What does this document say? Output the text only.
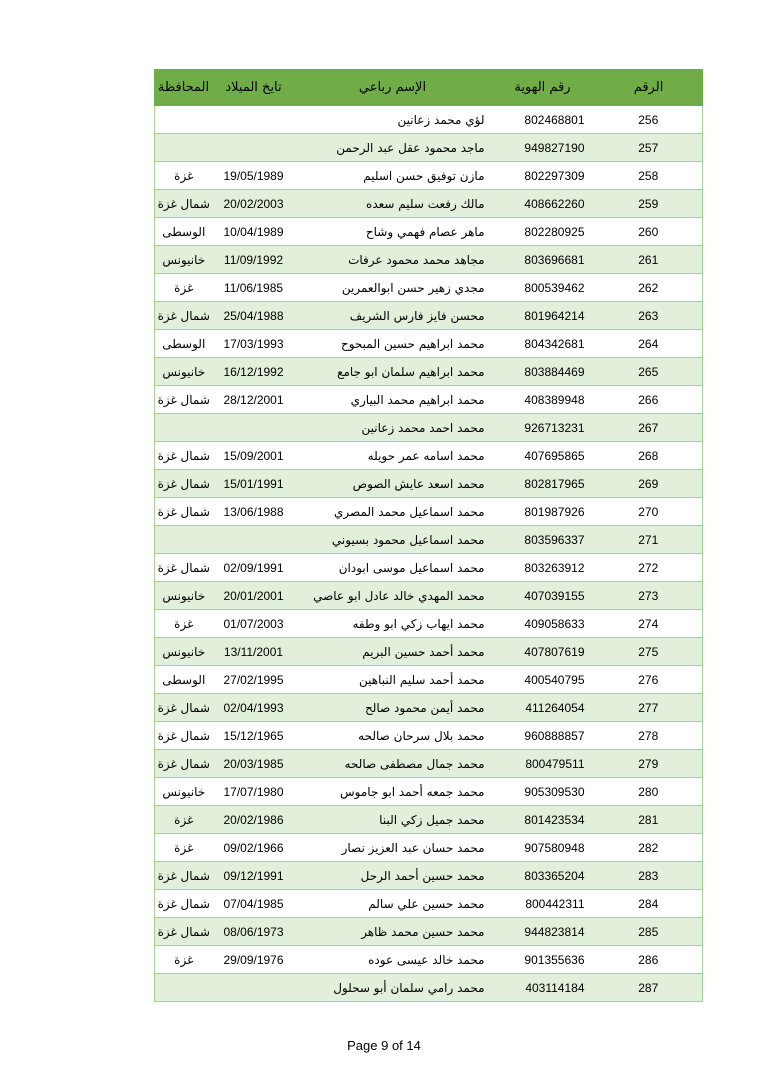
الرقم	رقم الهوية	الإسم رباعي	تايخ الميلاد	المحافظة
256	802468801	لؤي محمد زعانين		
257	949827190	ماجد محمود عقل عبد الرحمن		
258	802297309	مازن توفيق حسن اسليم	19/05/1989	غزة
259	408662260	مالك رفعت سليم سعده	20/02/2003	شمال غزة
260	802280925	ماهر عصام فهمي وشاح	10/04/1989	الوسطى
261	803696681	مجاهد محمد محمود عرفات	11/09/1992	خانيونس
262	800539462	مجدي زهير حسن ابوالعمرين	11/06/1985	غزة
263	801964214	محسن فايز فارس الشريف	25/04/1988	شمال غزة
264	804342681	محمد ابراهيم حسين المبحوح	17/03/1993	الوسطى
265	803884469	محمد ابراهيم سلمان ابو جامع	16/12/1992	خانيونس
266	408389948	محمد ابراهيم محمد البياري	28/12/2001	شمال غزة
267	926713231	محمد احمد محمد زعانين		
268	407695865	محمد اسامه عمر حويله	15/09/2001	شمال غزة
269	802817965	محمد اسعد عايش الصوص	15/01/1991	شمال غزة
270	801987926	محمد اسماعيل محمد المصري	13/06/1988	شمال غزة
271	803596337	محمد اسماعيل محمود بسيوني		
272	803263912	محمد اسماعيل موسى ابودان	02/09/1991	شمال غزة
273	407039155	محمد المهدي خالد عادل ابو عاصي	20/01/2001	خانيونس
274	409058633	محمد ايهاب زكي ابو وطفه	01/07/2003	غزة
275	407807619	محمد أحمد حسين البريم	13/11/2001	خانيونس
276	400540795	محمد أحمد سليم النباهين	27/02/1995	الوسطى
277	411264054	محمد أيمن محمود صالح	02/04/1993	شمال غزة
278	960888857	محمد بلال سرحان صالحه	15/12/1965	شمال غزة
279	800479511	محمد جمال مصطفى صالحه	20/03/1985	شمال غزة
280	905309530	محمد جمعه أحمد ابو جاموس	17/07/1980	خانيونس
281	801423534	محمد جميل زكي البنا	20/02/1986	غزة
282	907580948	محمد حسان عبد العزيز نصار	09/02/1966	غزة
283	803365204	محمد حسين أحمد الرحل	09/12/1991	شمال غزة
284	800442311	محمد حسين علي سالم	07/04/1985	شمال غزة
285	944823814	محمد حسين محمد ظاهر	08/06/1973	شمال غزة
286	901355636	محمد خالد عيسى عوده	29/09/1976	غزة
287	403114184	محمد رامي سلمان أبو سحلول		
Page 9 of 14
